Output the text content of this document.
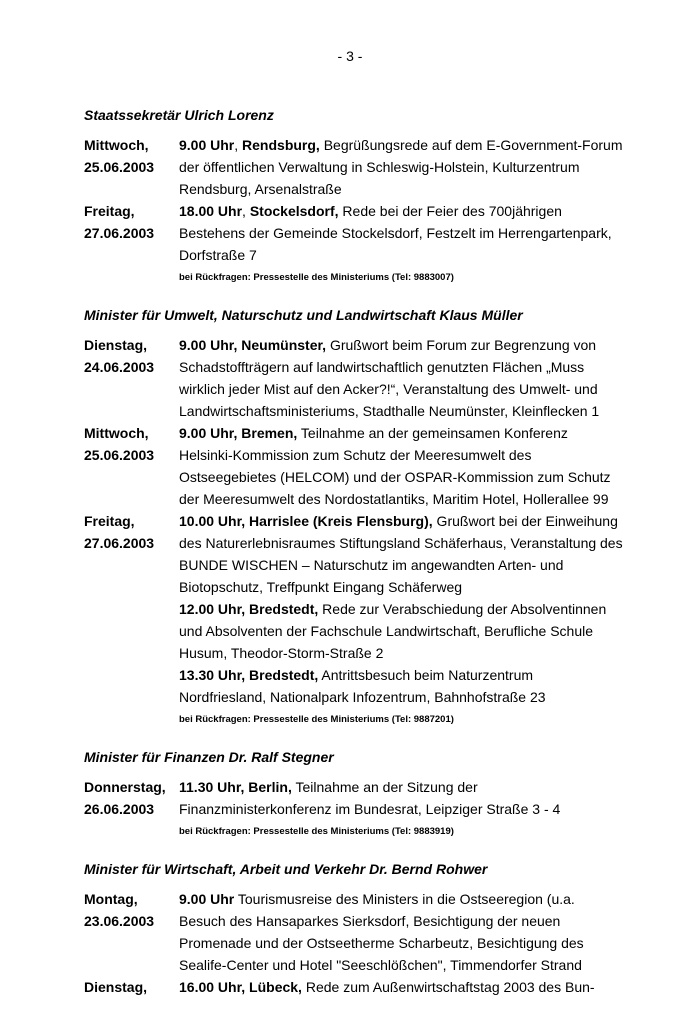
- 3 -
Staatssekretär Ulrich Lorenz
Mittwoch,
25.06.2003

9.00 Uhr, Rendsburg, Begrüßungsrede auf dem E-Government-Forum der öffentlichen Verwaltung in Schleswig-Holstein, Kulturzentrum Rendsburg, Arsenalstraße

Freitag,
27.06.2003

18.00 Uhr, Stockelsdorf, Rede bei der Feier des 700jährigen Bestehens der Gemeinde Stockelsdorf, Festzelt im Herrengartenpark, Dorfstraße 7

bei Rückfragen: Pressestelle des Ministeriums (Tel: 9883007)
Minister für Umwelt, Naturschutz und Landwirtschaft Klaus Müller
Dienstag,
24.06.2003

9.00 Uhr, Neumünster, Grußwort beim Forum zur Begrenzung von Schadstoffträgern auf landwirtschaftlich genutzten Flächen „Muss wirklich jeder Mist auf den Acker?!“, Veranstaltung des Umwelt- und Landwirtschaftsministeriums, Stadthalle Neumünster, Kleinflecken 1

Mittwoch,
25.06.2003

9.00 Uhr, Bremen, Teilnahme an der gemeinsamen Konferenz Helsinki-Kommission zum Schutz der Meeresumwelt des Ostseegebietes (HELCOM) und der OSPAR-Kommission zum Schutz der Meeresumwelt des Nordostatlantiks, Maritim Hotel, Hollerallee 99

Freitag,
27.06.2003

10.00 Uhr, Harrislee (Kreis Flensburg), Grußwort bei der Einweihung des Naturerlebnisraumes Stiftungsland Schäferhaus, Veranstaltung des BUNDE WISCHEN – Naturschutz im angewandten Arten- und Biotopschutz, Treffpunkt Eingang Schäferweg

12.00 Uhr, Bredstedt, Rede zur Verabschiedung der Absolventinnen und Absolventen der Fachschule Landwirtschaft, Berufliche Schule Husum, Theodor-Storm-Straße 2

13.30 Uhr, Bredstedt, Antrittsbesuch beim Naturzentrum Nordfriesland, Nationalpark Infozentrum, Bahnhofstraße 23

bei Rückfragen: Pressestelle des Ministeriums (Tel: 9887201)
Minister für Finanzen Dr. Ralf Stegner
Donnerstag,
26.06.2003

11.30 Uhr, Berlin, Teilnahme an der Sitzung der Finanzministerkonferenz im Bundesrat, Leipziger Straße 3 - 4

bei Rückfragen: Pressestelle des Ministeriums (Tel: 9883919)
Minister für Wirtschaft, Arbeit und Verkehr Dr. Bernd Rohwer
Montag,
23.06.2003

9.00 Uhr Tourismusreise des Ministers in die Ostseeregion (u.a. Besuch des Hansaparkes Sierksdorf, Besichtigung der neuen Promenade und der Ostseetherme Scharbeutz, Besichtigung des Sealife-Center und Hotel "Seeschlößchen", Timmendorfer Strand

Dienstag,	16.00 Uhr, Lübeck, Rede zum Außenwirtschaftstag 2003 des Bun-
